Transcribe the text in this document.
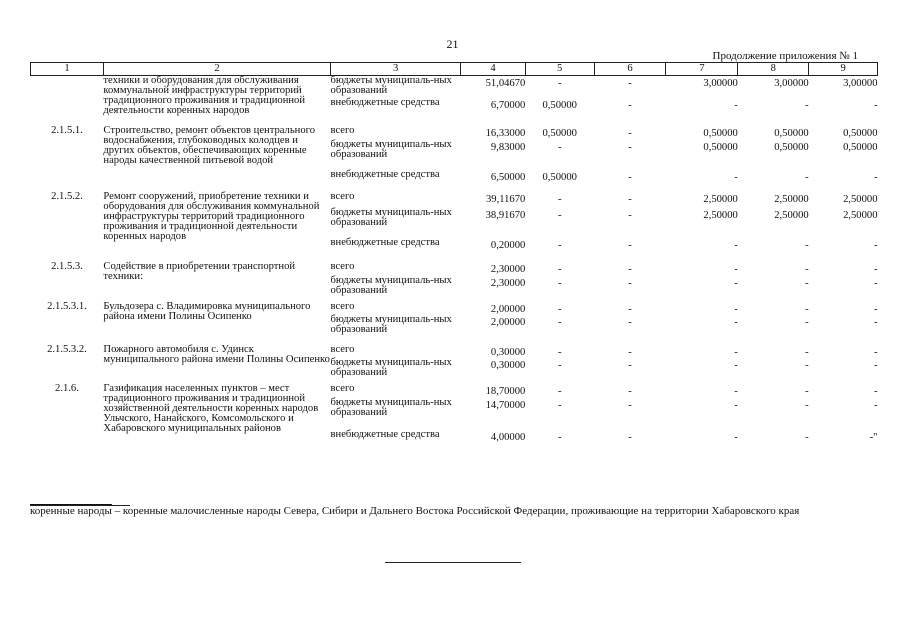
21
Продолжение приложения № 1
1	2	3	4	5	6	7	8	9

	техники и оборудования для обслуживания коммунальной инфраструктуры территорий традиционного проживания и традиционной деятельности коренных народов	бюджеты муниципаль-ных образований	51,04670	-	-	3,00000	3,00000	3,00000

		внебюджетные средства	6,70000	0,50000	-	-	-	-
2.1.5.1.	Строительство, ремонт объектов центрального водоснабжения, глубоководных колодцев и других объектов, обеспечивающих коренные народы качественной питьевой водой	всего	16,33000	0,50000	-	0,50000	0,50000	0,50000

		бюджеты муниципаль-ных образований	9,83000	-	-	0,50000	0,50000	0,50000

		внебюджетные средства	6,50000	0,50000	-	-	-	-
2.1.5.2.	Ремонт сооружений, приобретение техники и оборудования для обслуживания коммунальной инфраструктуры территорий традиционного проживания и традиционной деятельности коренных народов	всего	39,11670	-	-	2,50000	2,50000	2,50000

		бюджеты муниципаль-ных образований	38,91670	-	-	2,50000	2,50000	2,50000

		внебюджетные средства	0,20000	-	-	-	-	-
2.1.5.3.	Содействие в приобретении транспортной техники:	всего	2,30000	-	-	-	-	-

		бюджеты муниципаль-ных образований	2,30000	-	-	-	-	-
2.1.5.3.1.	Бульдозера с. Владимировка муниципального района имени Полины Осипенко	всего	2,00000	-	-	-	-	-

		бюджеты муниципаль-ных образований	2,00000	-	-	-	-	-
2.1.5.3.2.	Пожарного автомобиля с. Удинск муниципального района имени Полины Осипенко	всего	0,30000	-	-	-	-	-

		бюджеты муниципаль-ных образований	0,30000	-	-	-	-	-
2.1.6.	Газификация населенных пунктов – мест традиционного проживания и традиционной хозяйственной деятельности коренных народов Ульчского, Нанайского, Комсомольского и Хабаровского муниципальных районов	всего	18,70000	-	-	-	-	-

		бюджеты муниципаль-ных образований	14,70000	-	-	-	-	-

		внебюджетные средства	4,00000	-	-	-	-	-"
коренные народы – коренные малочисленные народы Севера, Сибири и Дальнего Востока Российской Федерации, проживающие на территории Хабаровского края
